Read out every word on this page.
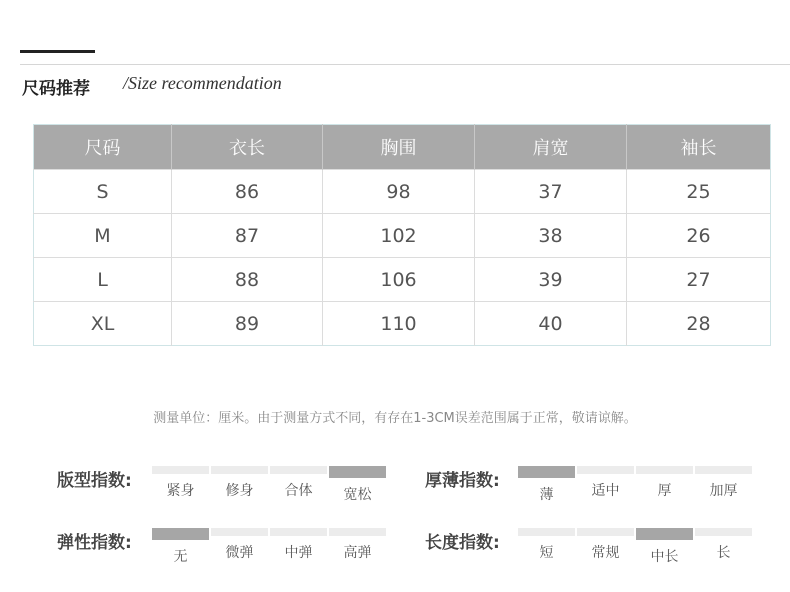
尺码推荐 /Size recommendation
尺码	衣长	胸围	肩宽	袖长
S	86	98	37	25
M	87	102	38	26
L	88	106	39	27
XL	89	110	40	28
测量单位：厘米。由于测量方式不同，有存在1-3CM误差范围属于正常，敬请谅解。
版型指数: 紧身 修身 合体 宽松
厚薄指数:
薄	适中	厚	加厚
弹性指数:
无	微弹 中弹 高弹	长度指数:	短	常规 中长	长
